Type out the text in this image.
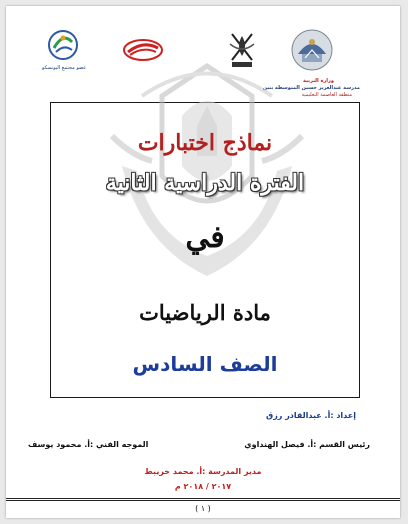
وزارة التربية
مدرسة عبدالعزيز حسين المتوسطة بنين
منطقة العاصمة التعليمية
عضو مجتمع اليونسكو
نماذج اختبارات
الفترة الدراسية الثانية
في
مادة الرياضيات
الصف السادس
إعداد :أ. عبدالقادر رزق
رئيس القسم :أ. فيصل الهنداوي
الموجه الفني :أ. محمود يوسف
مدير المدرسة :أ. محمد خريبط
٢٠١٧ / ٢٠١٨ م
( ١ )
